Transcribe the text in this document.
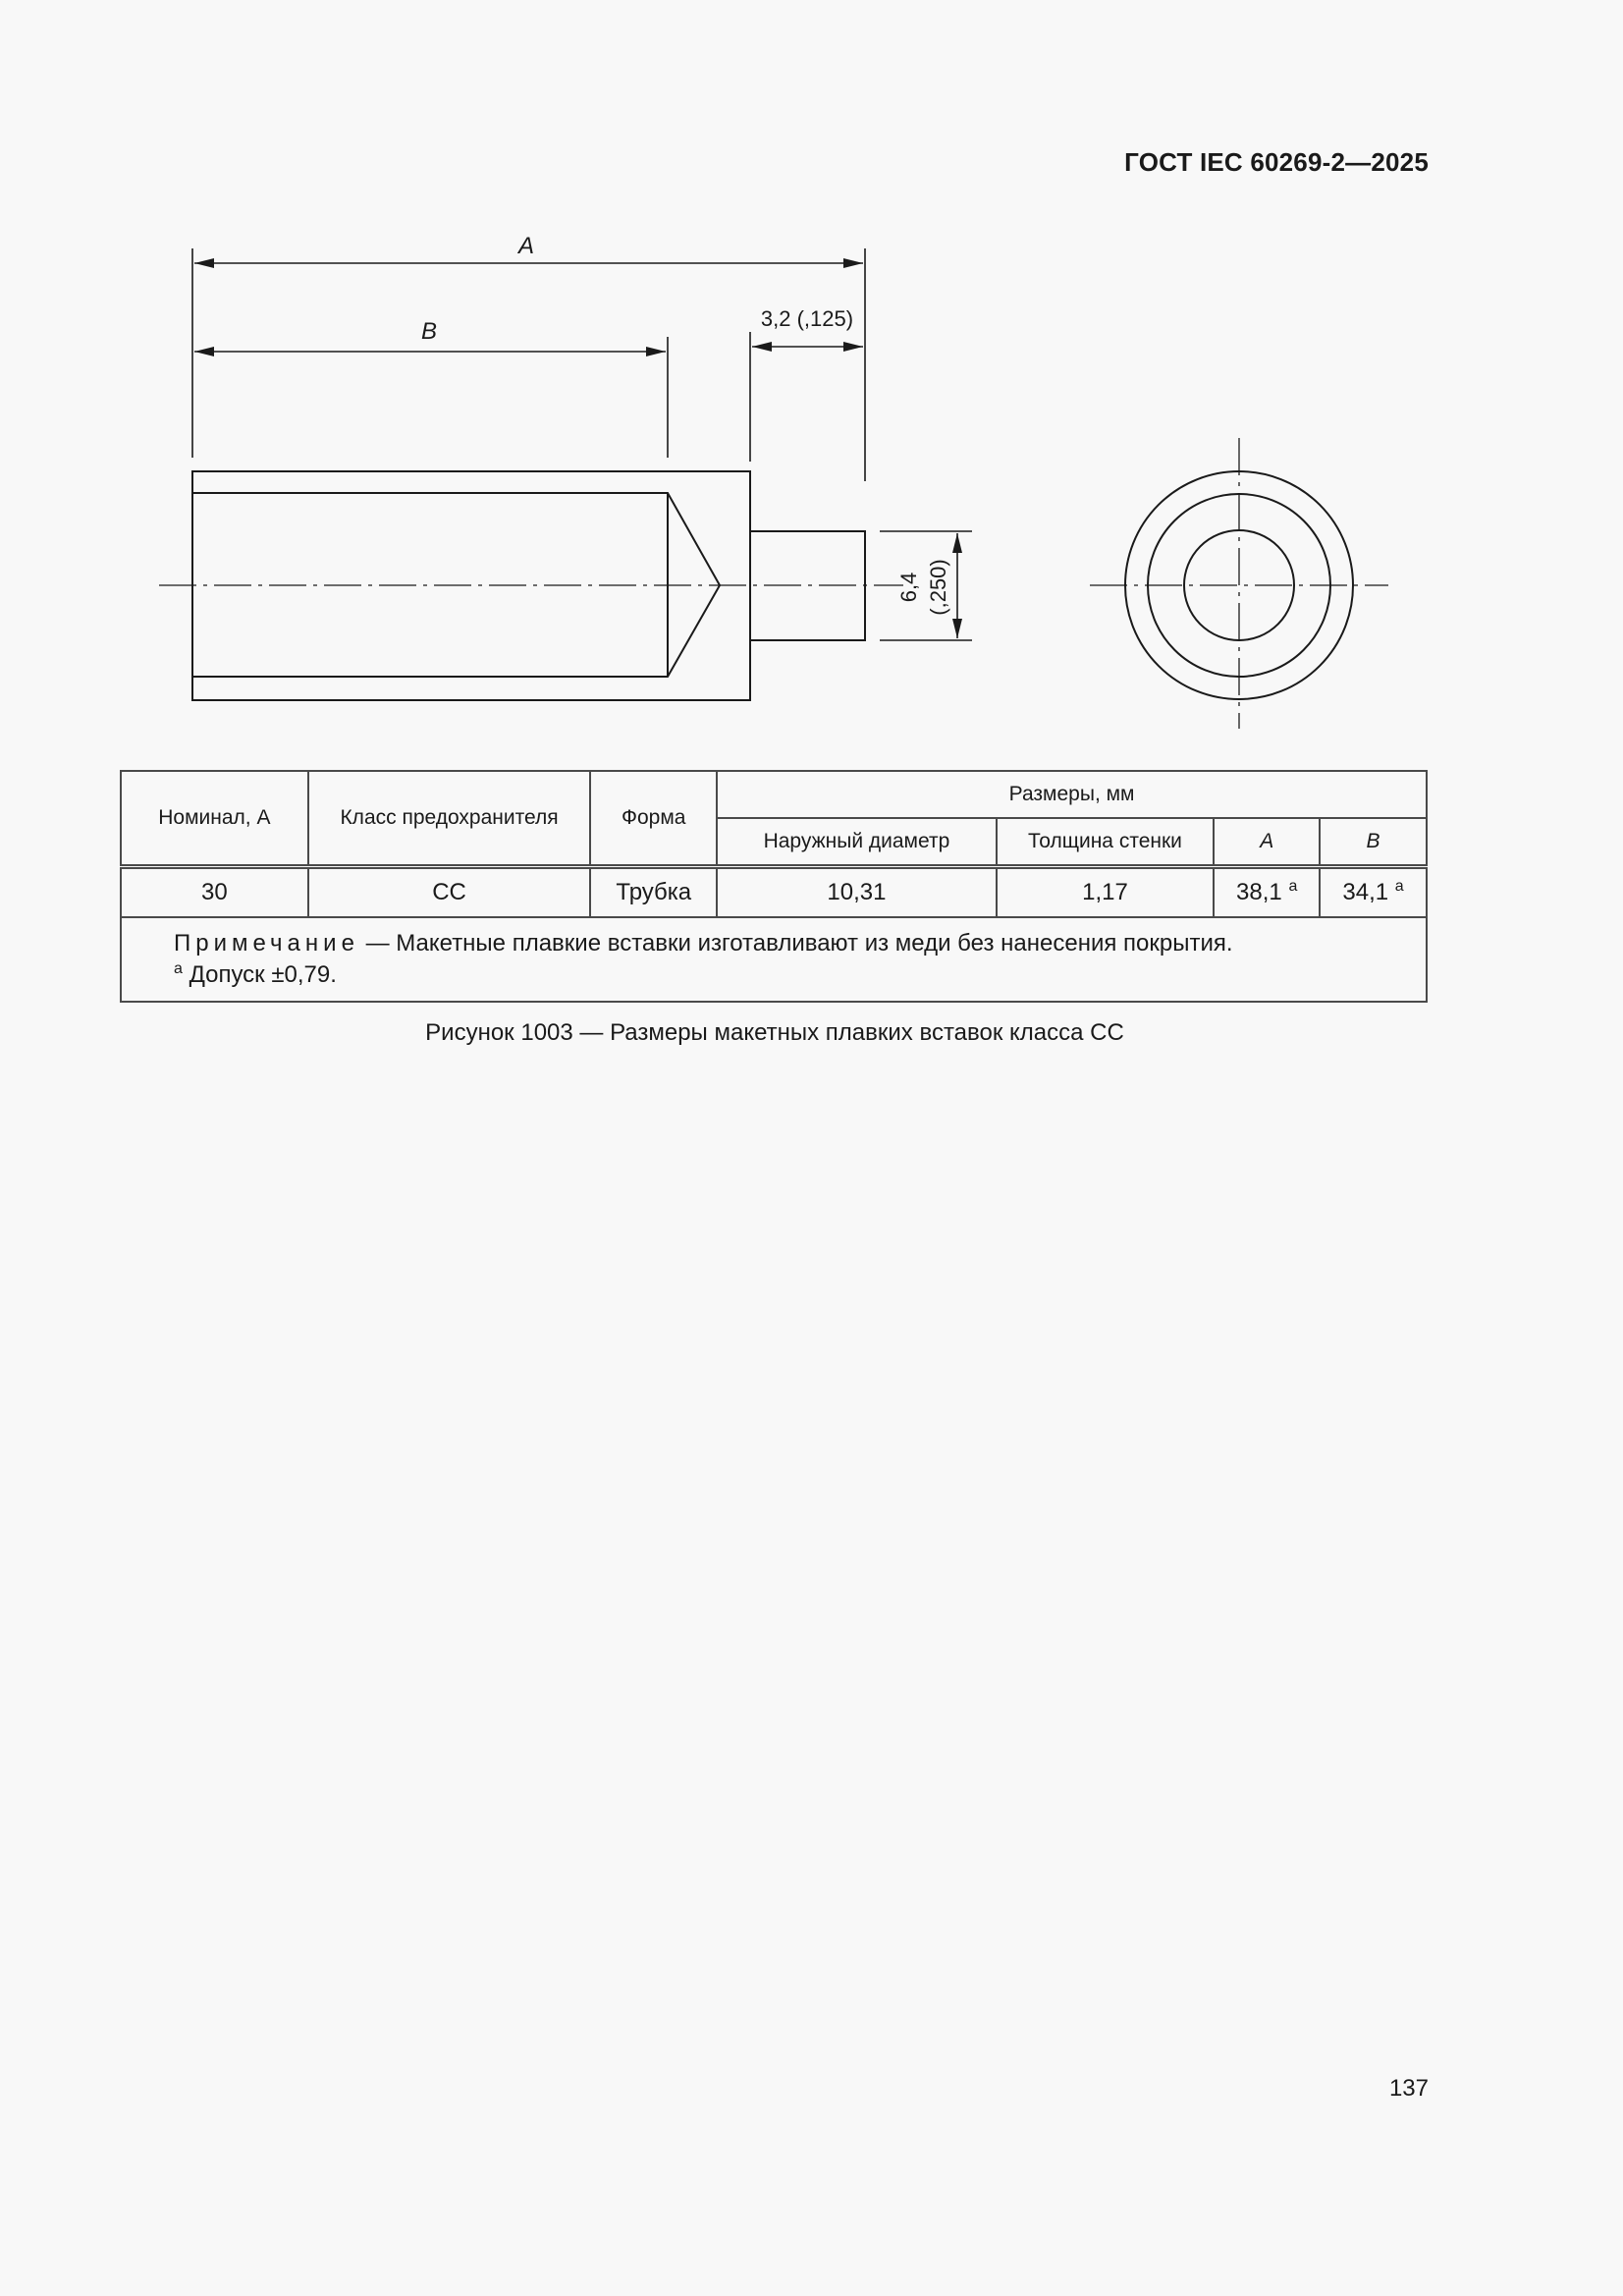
ГОСТ IEC 60269-2—2025
A
B	3,2 (,125)
6,4 (,250)
Номинал, A	Класс предохранителя	Форма	Размеры, мм			
			Наружный диаметр	Толщина стенки	A	B
30	СС	Трубка	10,31	1,17	38,1 $^a$	34,1 $^a$

Примечание — Макетные плавкие вставки изготавливают из меди без нанесения покрытия.
$^a$ Допуск ±0,79.						
Рисунок 1003 — Размеры макетных плавких вставок класса СС
137
